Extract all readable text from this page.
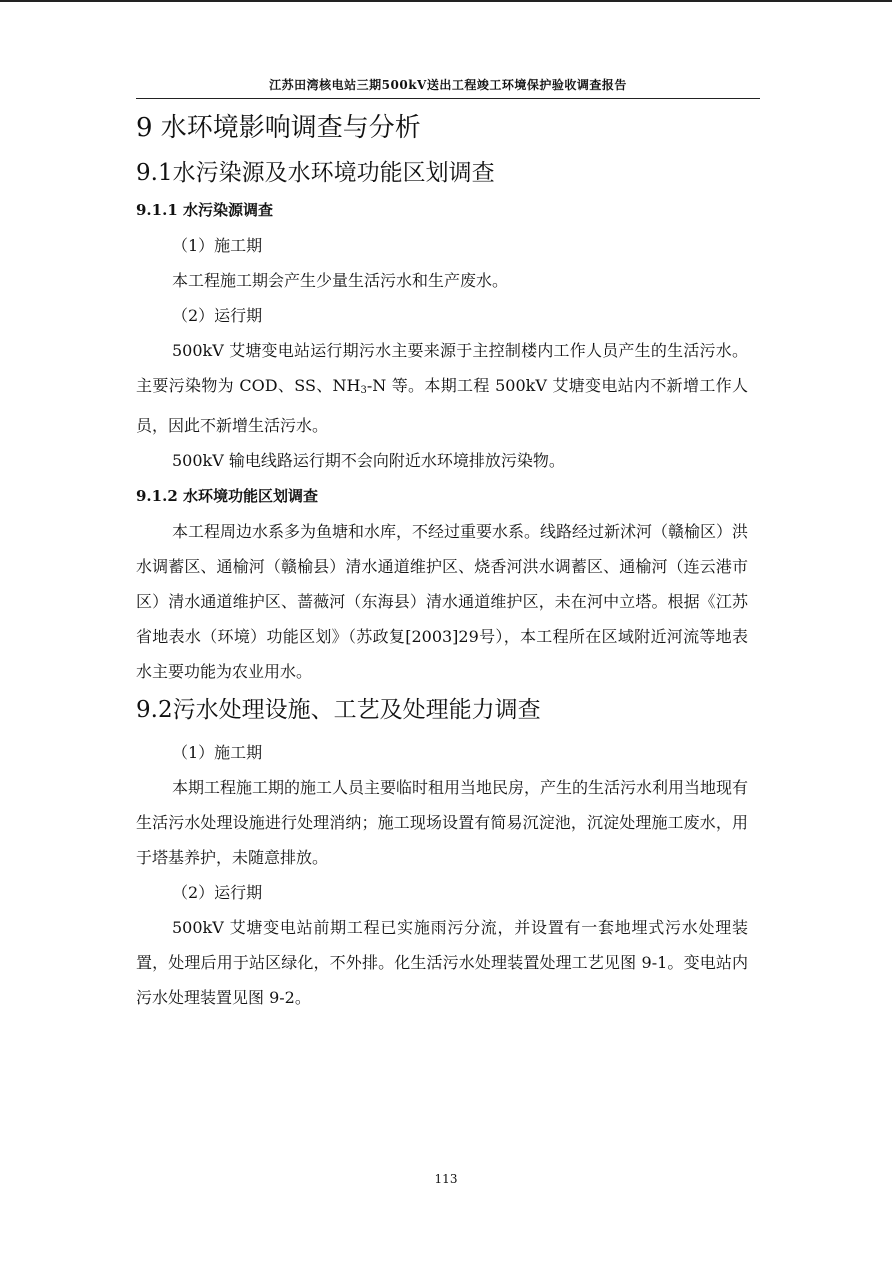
江苏田湾核电站三期500kV送出工程竣工环境保护验收调查报告
9 水环境影响调查与分析
9.1水污染源及水环境功能区划调查
9.1.1 水污染源调查

（1）施工期

本工程施工期会产生少量生活污水和生产废水。

（2）运行期

500kV 艾塘变电站运行期污水主要来源于主控制楼内工作人员产生的生活污水。主要污染物为 COD、SS、$NH_3-N$ 等。本期工程 500kV 艾塘变电站内不新增工作人员，因此不新增生活污水。

500kV 输电线路运行期不会向附近水环境排放污染物。

9.1.2 水环境功能区划调查

本工程周边水系多为鱼塘和水库，不经过重要水系。线路经过新沭河（赣榆区）洪水调蓄区、通榆河（赣榆县）清水通道维护区、烧香河洪水调蓄区、通榆河（连云港市区）清水通道维护区、蔷薇河（东海县）清水通道维护区，未在河中立塔。根据《江苏省地表水（环境）功能区划》（苏政复[2003]29号），本工程所在区域附近河流等地表水主要功能为农业用水。

9.2污水处理设施、工艺及处理能力调查

（1）施工期

本期工程施工期的施工人员主要临时租用当地民房，产生的生活污水利用当地现有生活污水处理设施进行处理消纳；施工现场设置有简易沉淀池，沉淀处理施工废水，用于塔基养护，未随意排放。

（2）运行期

500kV 艾塘变电站前期工程已实施雨污分流，并设置有一套地埋式污水处理装置，处理后用于站区绿化，不外排。化生活污水处理装置处理工艺见图 9-1。变电站内污水处理装置见图 9-2。

113
